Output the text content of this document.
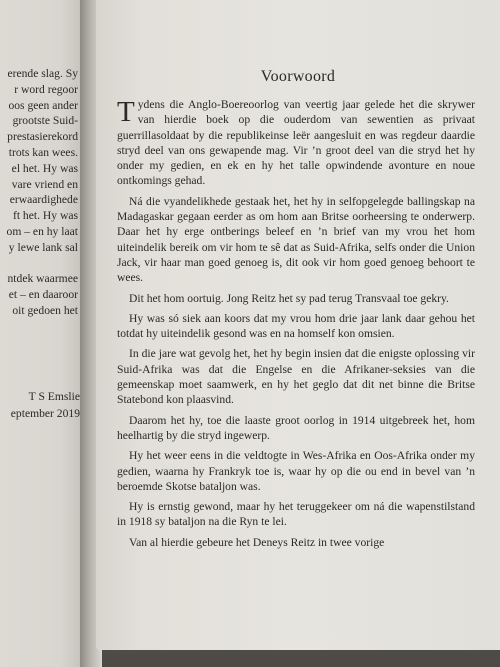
erende slag. Sy
r word regoor
oos geen ander
grootste Suid-
prestasierekord
trots kan wees.
el het. Hy was
vare vriend en
erwaardighede
ft het. Hy was
om – en hy laat
y lewe lank sal
ntdek waarmee
et – en daaroor
oit gedoen het
T S Emslie
eptember 2019
Voorwoord

Tydens die Anglo-Boereoorlog van veertig jaar gelede het die skrywer van hierdie boek op die ouderdom van sewentien as privaat guerrillasoldaat by die republikeinse leër aangesluit en was regdeur daardie stryd deel van ons gewapende mag. Vir ’n groot deel van die stryd het hy onder my gedien, en ek en hy het talle opwindende avonture en noue ontkomings gehad.

Ná die vyandelikhede gestaak het, het hy in selfopgelegde ballingskap na Madagaskar gegaan eerder as om hom aan Britse oorheersing te onderwerp. Daar het hy erge ontberings beleef en ’n brief van my vrou het hom uiteindelik bereik om vir hom te sê dat as Suid-Afrika, selfs onder die Union Jack, vir haar man goed genoeg is, dit ook vir hom goed genoeg behoort te wees.

Dit het hom oortuig. Jong Reitz het sy pad terug Transvaal toe gekry.

Hy was só siek aan koors dat my vrou hom drie jaar lank daar gehou het totdat hy uiteindelik gesond was en na homself kon omsien.

In die jare wat gevolg het, het hy begin insien dat die enigste oplossing vir Suid-Afrika was dat die Engelse en die Afrikaner-seksies van die gemeenskap moet saamwerk, en hy het geglo dat dit net binne die Britse Statebond kon plaasvind.

Daarom het hy, toe die laaste groot oorlog in 1914 uitgebreek het, hom heelhartig by die stryd ingewerp.

Hy het weer eens in die veldtogte in Wes-Afrika en Oos-Afrika onder my gedien, waarna hy Frankryk toe is, waar hy op die ou end in bevel van ’n beroemde Skotse bataljon was.

Hy is ernstig gewond, maar hy het teruggekeer om ná die wapenstilstand in 1918 sy bataljon na die Ryn te lei.

Van al hierdie gebeure het Deneys Reitz in twee vorige
